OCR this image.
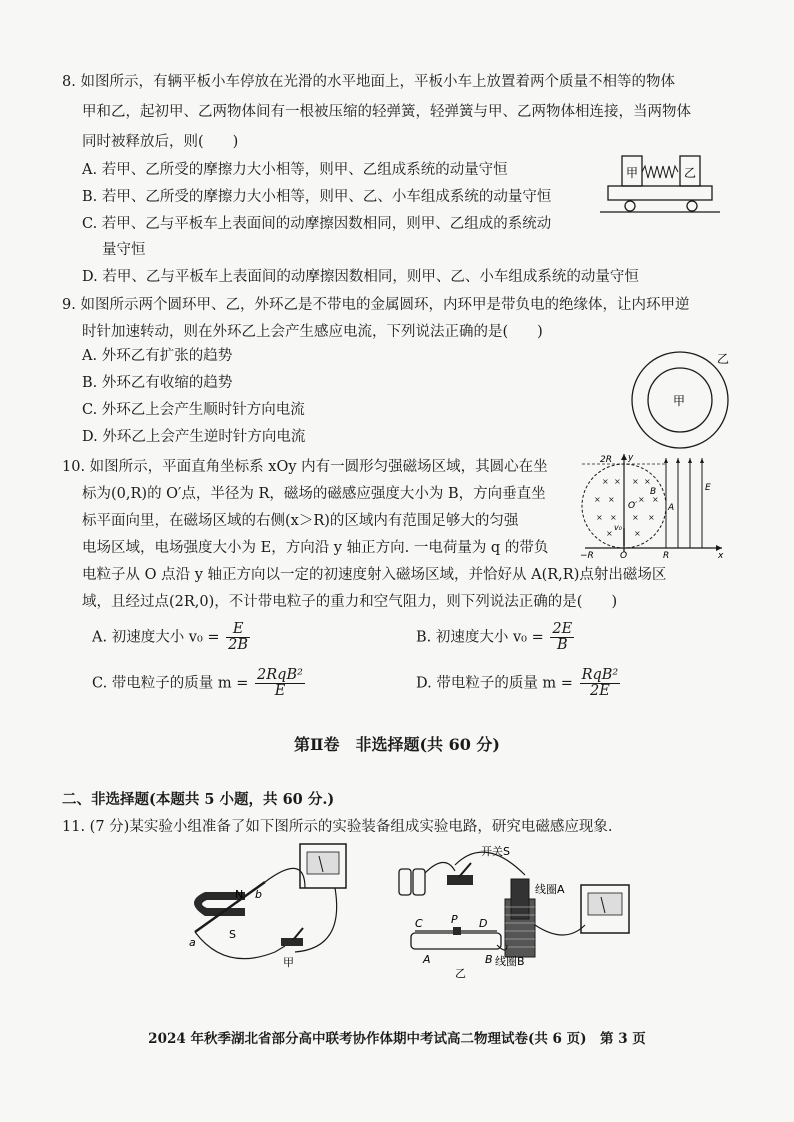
8. 如图所示，有辆平板小车停放在光滑的水平地面上，平板小车上放置着两个质量不相等的物体
甲和乙，起初甲、乙两物体间有一根被压缩的轻弹簧，轻弹簧与甲、乙两物体相连接，当两物体
同时被释放后，则(　　)
A. 若甲、乙所受的摩擦力大小相等，则甲、乙组成系统的动量守恒
B. 若甲、乙所受的摩擦力大小相等，则甲、乙、小车组成系统的动量守恒
C. 若甲、乙与平板车上表面间的动摩擦因数相同，则甲、乙组成的系统动
量守恒
D. 若甲、乙与平板车上表面间的动摩擦因数相同，则甲、乙、小车组成系统的动量守恒
甲	乙
9. 如图所示两个圆环甲、乙，外环乙是不带电的金属圆环，内环甲是带负电的绝缘体，让内环甲逆
时针加速转动，则在外环乙上会产生感应电流，下列说法正确的是(　　)
A. 外环乙有扩张的趋势
B. 外环乙有收缩的趋势
C. 外环乙上会产生顺时针方向电流
D. 外环乙上会产生逆时针方向电流
甲
乙
10. 如图所示，平面直角坐标系 xOy 内有一圆形匀强磁场区域，其圆心在坐
标为(0,R)的 O′点，半径为 R，磁场的磁感应强度大小为 B，方向垂直坐
标平面向里，在磁场区域的右侧(x＞R)的区域内有范围足够大的匀强
电场区域，电场强度大小为 E，方向沿 y 轴正方向. 一电荷量为 q 的带负
电粒子从 O 点沿 y 轴正方向以一定的初速度射入磁场区域，并恰好从 A(R,R)点射出磁场区
域，且经过点(2R,0)，不计带电粒子的重力和空气阻力，则下列说法正确的是(　　)
A. 初速度大小 $v_0 = \frac{E}{2B}$	B. 初速度大小 $v_0 = \frac{2E}{B}$
C. 带电粒子的质量 $m = \frac{\text{2RqB²}}{E}$	D. 带电粒子的质量 $m = \frac{\text{RqB²}}{2E}$
× × × ×
× ×	× ×
× × × ×
×	×
2R y
B	E
O′	A
v₀
−R	O	R	x
第Ⅱ卷　非选择题(共 60 分)
二、非选择题(本题共 5 小题，共 60 分.)
11. (7 分)某实验小组准备了如下图所示的实验装备组成实验电路，研究电磁感应现象.
N b
a
S
甲
开关S
线圈A
线圈B
C	P D
A	B
乙
2024 年秋季湖北省部分高中联考协作体期中考试高二物理试卷(共 6 页)　第 3 页
